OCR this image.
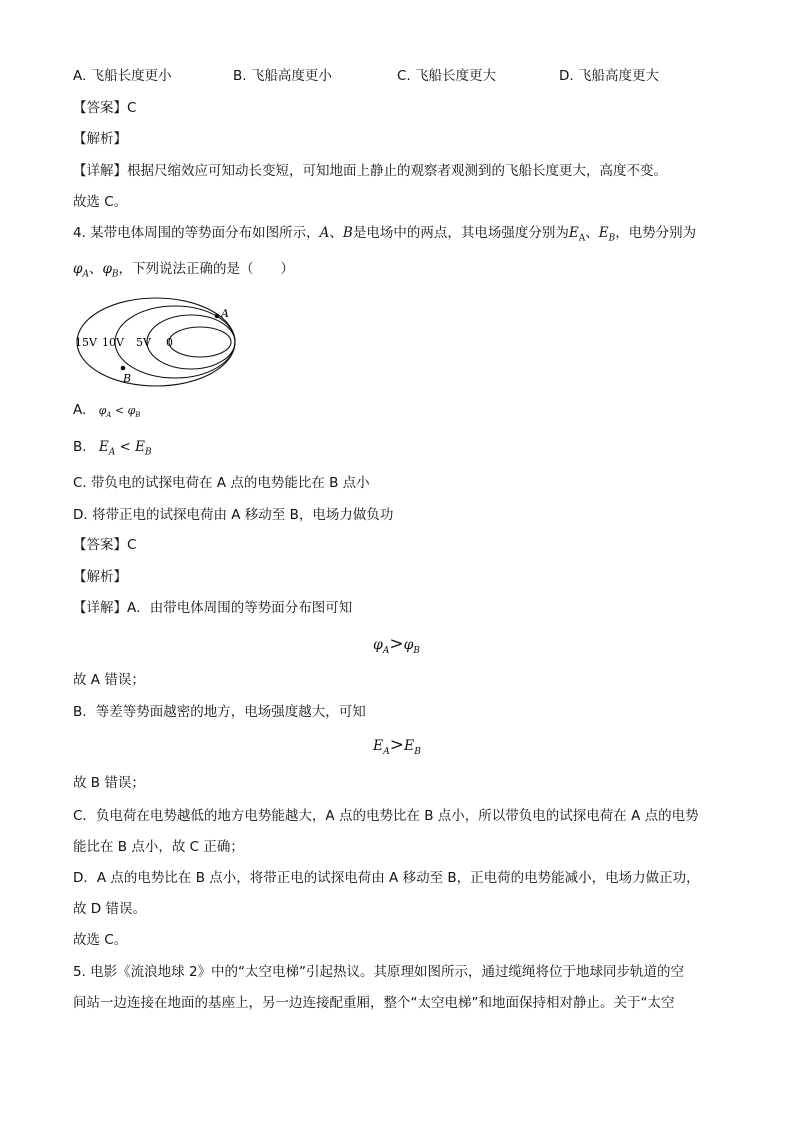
A. 飞船长度更小	B. 飞船高度更小	C. 飞船长度更大	D. 飞船高度更大
【答案】C
【解析】
【详解】根据尺缩效应可知动长变短，可知地面上静止的观察者观测到的飞船长度更大，高度不变。
故选 C。
4. 某带电体周围的等势面分布如图所示，A、B是电场中的两点，其电场强度分别为$E_A$、$E_B$，电势分别为
$\varphi_A$、$\varphi_B$，下列说法正确的是（　　）
15V 10V 5V 0
A
B
A. $\varphi_A < \varphi_B$
B. $E_A < E_B$
C. 带负电的试探电荷在 A 点的电势能比在 B 点小
D. 将带正电的试探电荷由 A 移动至 B，电场力做负功
【答案】C
【解析】
【详解】A．由带电体周围的等势面分布图可知
$\varphi_A>\varphi_B$
故 A 错误；
B．等差等势面越密的地方，电场强度越大，可知
$E_A>E_B$
故 B 错误；
C．负电荷在电势越低的地方电势能越大，A 点的电势比在 B 点小，所以带负电的试探电荷在 A 点的电势
能比在 B 点小，故 C 正确；
D．A 点的电势比在 B 点小，将带正电的试探电荷由 A 移动至 B，正电荷的电势能减小，电场力做正功，
故 D 错误。
故选 C。
5. 电影《流浪地球 2》中的“太空电梯”引起热议。其原理如图所示，通过缆绳将位于地球同步轨道的空
间站一边连接在地面的基座上，另一边连接配重厢，整个“太空电梯”和地面保持相对静止。关于“太空
